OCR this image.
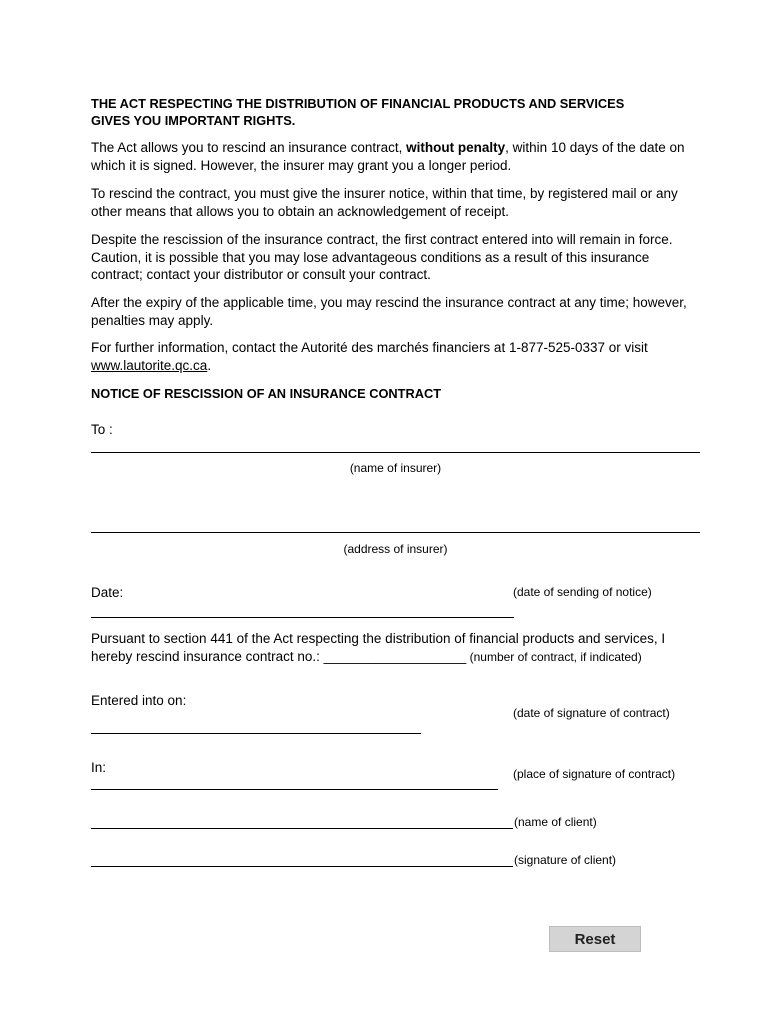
THE ACT RESPECTING THE DISTRIBUTION OF FINANCIAL PRODUCTS AND SERVICES
GIVES YOU IMPORTANT RIGHTS.
The Act allows you to rescind an insurance contract, without penalty, within 10 days of the date on which it is signed. However, the insurer may grant you a longer period.
To rescind the contract, you must give the insurer notice, within that time, by registered mail or any other means that allows you to obtain an acknowledgement of receipt.
Despite the rescission of the insurance contract, the first contract entered into will remain in force. Caution, it is possible that you may lose advantageous conditions as a result of this insurance contract; contact your distributor or consult your contract.
After the expiry of the applicable time, you may rescind the insurance contract at any time; however, penalties may apply.
For further information, contact the Autorité des marchés financiers at 1-877-525-0337 or visit www.lautorite.qc.ca.
NOTICE OF RESCISSION OF AN INSURANCE CONTRACT
To :
(name of insurer)
(address of insurer)
Date:	(date of sending of notice)
Pursuant to section 441 of the Act respecting the distribution of financial products and services, I
hereby rescind insurance contract no.: ___________________ (number of contract, if indicated)
Entered into on:
(date of signature of contract)
In:	(place of signature of contract)
(name of client)
(signature of client)
Reset
